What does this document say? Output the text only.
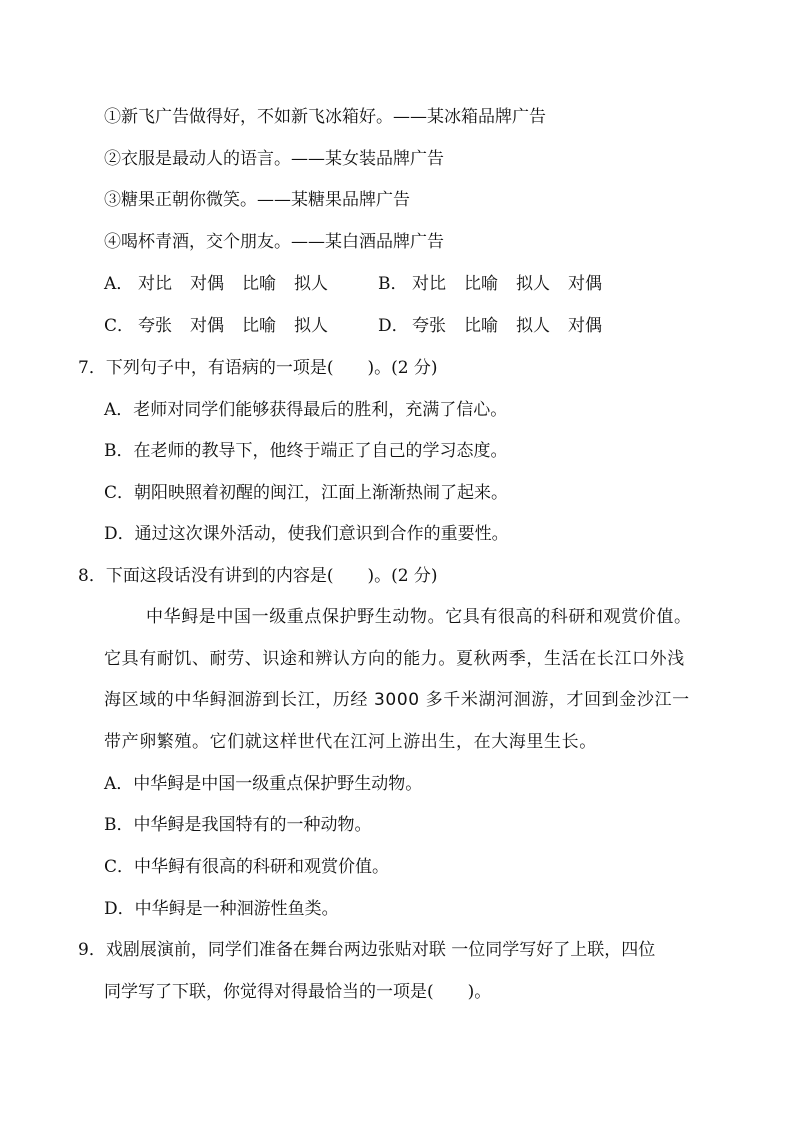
①新飞广告做得好，不如新飞冰箱好。——某冰箱品牌广告
②衣服是最动人的语言。——某女装品牌广告
③糖果正朝你微笑。——某糖果品牌广告
④喝杯青酒，交个朋友。——某白酒品牌广告
A． 对比 对偶 比喻 拟人	B． 对比 比喻 拟人 对偶
C． 夸张 对偶 比喻 拟人	D． 夸张 比喻 拟人 对偶
7．下列句子中，有语病的一项是(　　)。(2 分)
A．老师对同学们能够获得最后的胜利，充满了信心。
B．在老师的教导下，他终于端正了自己的学习态度。
C．朝阳映照着初醒的闽江，江面上渐渐热闹了起来。
D．通过这次课外活动，使我们意识到合作的重要性。
8．下面这段话没有讲到的内容是(　　)。(2 分)
中华鲟是中国一级重点保护野生动物。它具有很高的科研和观赏价值。
它具有耐饥、耐劳、识途和辨认方向的能力。夏秋两季，生活在长江口外浅
海区域的中华鲟洄游到长江，历经 3000 多千米湖河洄游，才回到金沙江一
带产卵繁殖。它们就这样世代在江河上游出生，在大海里生长。
A．中华鲟是中国一级重点保护野生动物。
B．中华鲟是我国特有的一种动物。
C．中华鲟有很高的科研和观赏价值。
D．中华鲟是一种洄游性鱼类。
9．戏剧展演前，同学们准备在舞台两边张贴对联 一位同学写好了上联，四位
同学写了下联，你觉得对得最恰当的一项是(　　)。
